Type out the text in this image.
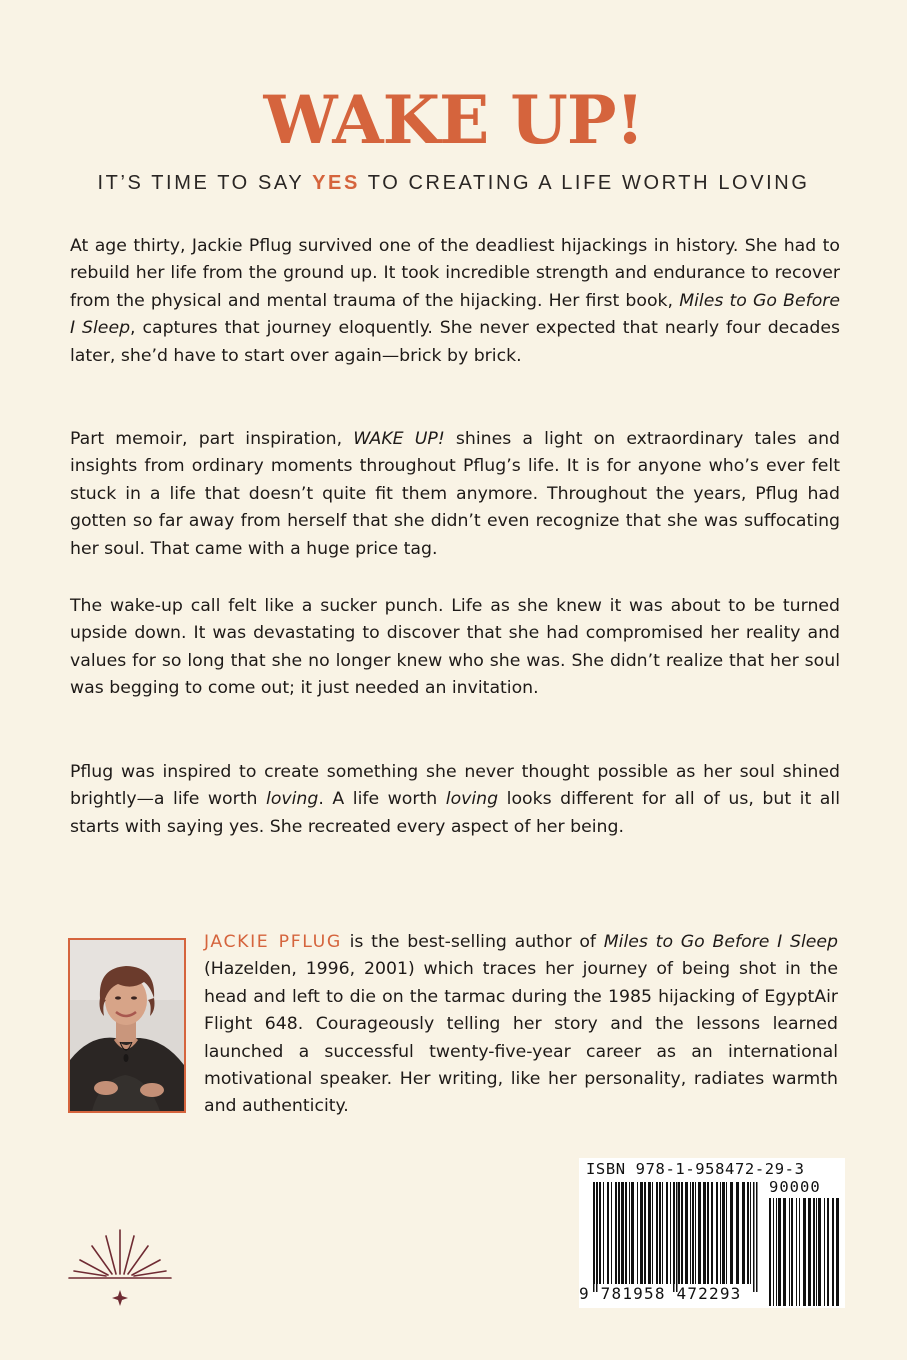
WAKE UP!
IT’S TIME TO SAY YES TO CREATING A LIFE WORTH LOVING

At age thirty, Jackie Pflug survived one of the deadliest hijackings in history. She had to rebuild her life from the ground up. It took incredible strength and endurance to recover from the physical and mental trauma of the hijacking. Her first book, Miles to Go Before I Sleep, captures that journey eloquently. She never expected that nearly four decades later, she’d have to start over again—brick by brick.

Part memoir, part inspiration, WAKE UP! shines a light on extraordinary tales and insights from ordinary moments throughout Pflug’s life. It is for anyone who’s ever felt stuck in a life that doesn’t quite fit them anymore. Throughout the years, Pflug had gotten so far away from herself that she didn’t even recognize that she was suffocating her soul. That came with a huge price tag.

The wake-up call felt like a sucker punch. Life as she knew it was about to be turned upside down. It was devastating to discover that she had compromised her reality and values for so long that she no longer knew who she was. She didn’t realize that her soul was begging to come out; it just needed an invitation.

Pflug was inspired to create something she never thought possible as her soul shined brightly—a life worth loving. A life worth loving looks different for all of us, but it all starts with saying yes. She recreated every aspect of her being.

JACKIE PFLUG is the best-selling author of Miles to Go Before I Sleep (Hazelden, 1996, 2001) which traces her journey of being shot in the head and left to die on the tarmac during the 1985 hijacking of EgyptAir Flight 648. Courageously telling her story and the lessons learned launched a successful twenty-five-year career as an international motivational speaker. Her writing, like her personality, radiates warmth and authenticity.

ISBN 978-1-958472-29-3
90000
9 781958 472293
